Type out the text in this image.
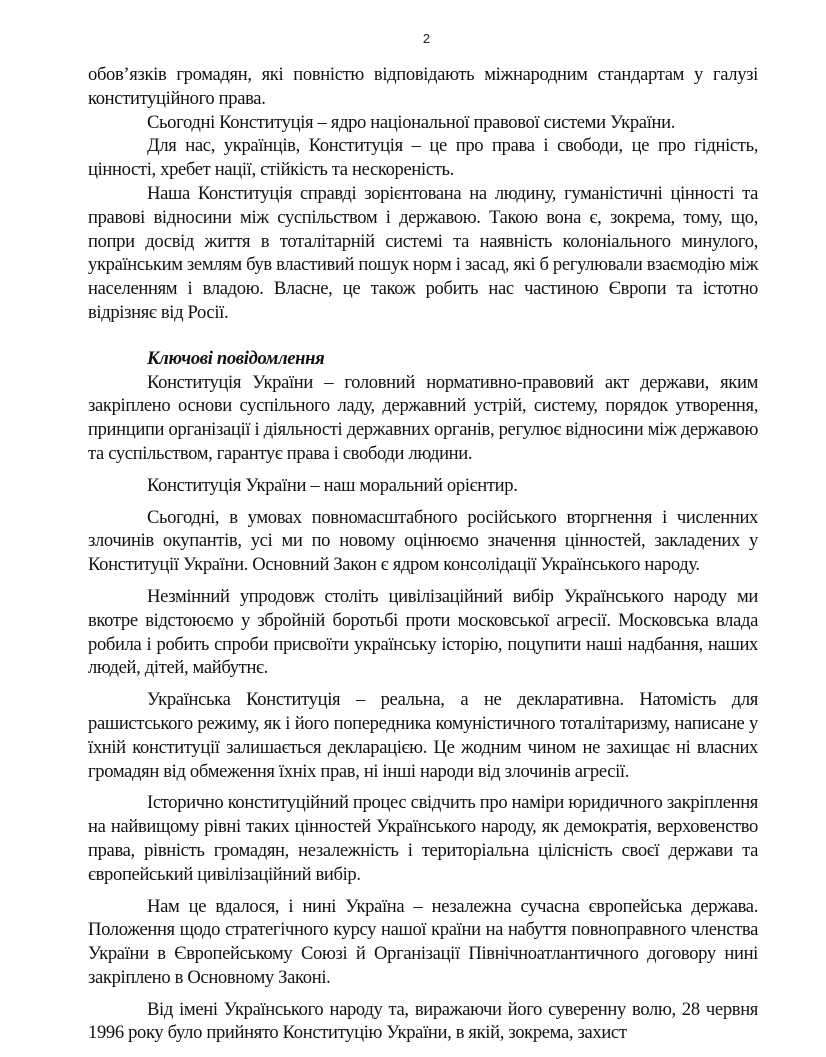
2

обов’язків громадян, які повністю відповідають міжнародним стандартам у галузі конституційного права.

Сьогодні Конституція – ядро національної правової системи України.

Для нас, українців, Конституція – це про права і свободи, це про гідність, цінності, хребет нації, стійкість та нескореність.

Наша Конституція справді зорієнтована на людину, гуманістичні цінності та правові відносини між суспільством і державою. Такою вона є, зокрема, тому, що, попри досвід життя в тоталітарній системі та наявність колоніального минулого, українським землям був властивий пошук норм і засад, які б регулювали взаємодію між населенням і владою. Власне, це також робить нас частиною Європи та істотно відрізняє від Росії.

Ключові повідомлення

Конституція України – головний нормативно-правовий акт держави, яким закріплено основи суспільного ладу, державний устрій, систему, порядок утворення, принципи організації і діяльності державних органів, регулює відносини між державою та суспільством, гарантує права і свободи людини.

Конституція України – наш моральний орієнтир.

Сьогодні, в умовах повномасштабного російського вторгнення і численних злочинів окупантів, усі ми по новому оцінюємо значення цінностей, закладених у Конституції України. Основний Закон є ядром консолідації Українського народу.

Незмінний упродовж століть цивілізаційний вибір Українського народу ми вкотре відстоюємо у збройній боротьбі проти московської агресії. Московська влада робила і робить спроби присвоїти українську історію, поцупити наші надбання, наших людей, дітей, майбутнє.

Українська Конституція – реальна, а не декларативна. Натомість для рашистського режиму, як і його попередника комуністичного тоталітаризму, написане у їхній конституції залишається декларацією. Це жодним чином не захищає ні власних громадян від обмеження їхніх прав, ні інші народи від злочинів агресії.

Історично конституційний процес свідчить про наміри юридичного закріплення на найвищому рівні таких цінностей Українського народу, як демократія, верховенство права, рівність громадян, незалежність і територіальна цілісність своєї держави та європейський цивілізаційний вибір.

Нам це вдалося, і нині Україна – незалежна сучасна європейська держава. Положення щодо стратегічного курсу нашої країни на набуття повноправного членства України в Європейському Союзі й Організації Північноатлантичного договору нині закріплено в Основному Законі.

Від імені Українського народу та, виражаючи його суверенну волю, 28 червня 1996 року було прийнято Конституцію України, в якій, зокрема, захист
